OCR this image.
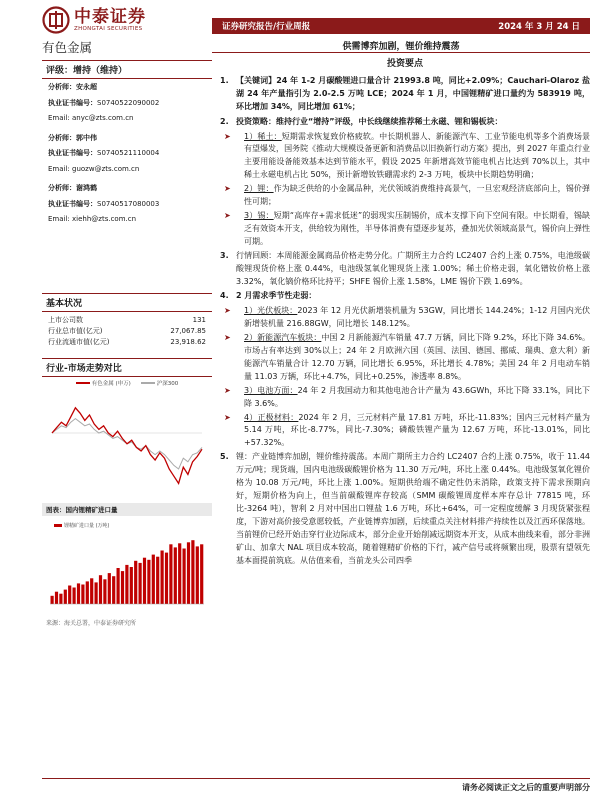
中泰证券
ZHONGTAI SECURITIES
有色金属
证券研究报告/行业周报	2024 年 3 月 24 日
供需博弈加剧，锂价维持震荡
评级：增持（维持）
分析师：安永超
执业证书编号：S0740522090002
Email: anyc@zts.com.cn
分析师：郭中伟
执业证书编号：S0740521110004
Email: guozw@zts.com.cn
分析师：谢鸿鹤
执业证书编号：S0740517080003
Email: xiehh@zts.com.cn
基本状况
上市公司数	131
行业总市值(亿元)	27,067.85
行业流通市值(亿元)	23,918.62
行业-市场走势对比
有色金属 (申万)	沪深300
图表：国内锂精矿进口量
锂精矿进口量 (万吨)
来源：海关总署，中泰证券研究所
投资要点
1. 【关键词】24 年 1-2 月碳酸锂进口量合计 21993.8 吨，同比+2.09%；Cauchari-Olaroz 盐湖 24 年产量指引为 2.0-2.5 万吨 LCE；2024 年 1 月，中国锂精矿进口量约为 583919 吨，环比增加 34%，同比增加 61%；
2. 投资策略：维持行业“增持”评级，中长线继续推荐稀土永磁、锂和锡板块：
➤ 1）稀土：短期需求恢复致价格疲软。中长期机器人、新能源汽车、工业节能电机等多个消费场景有望爆发，国务院《推动大规模设备更新和消费品以旧换新行动方案》提出，到 2027 年重点行业主要用能设备能效基本达到节能水平，假设 2025 年新增高效节能电机占比达到 70%以上，其中稀土永磁电机占比 50%，预计新增钕铁硼需求约 2-3 万吨，板块中长期趋势明确；
➤ 2）锂：作为缺乏供给的小金属品种，光伏领域消费维持高景气，一旦宏观经济底部向上，锡价弹性可期；
➤ 3）锡：短期“高库存+需求低迷”的弱现实压制锡价，成本支撑下向下空间有限。中长期看，锡缺乏有效资本开支，供给较为刚性，半导体消费有望逐步复苏，叠加光伏领域高景气，锡价向上弹性可期。
3. 行情回顾：本周能源金属商品价格走势分化。广期所主力合约 LC2407 合约上涨 0.75%，电池级碳酸锂现货价格上涨 0.44%，电池级氢氧化锂现货上涨 1.00%；稀土价格走弱，氧化镨钕价格上涨 3.32%，氧化镝价格环比持平；SHFE 锡价上涨 1.58%，LME 锡价下跌 1.69%。
4. 2 月需求季节性走弱：
➤ 1）光伏板块：2023 年 12 月光伏新增装机量为 53GW，同比增长 144.24%；1-12 月国内光伏新增装机量 216.88GW，同比增长 148.12%。
➤ 2）新能源汽车板块：中国 2 月新能源汽车销量 47.7 万辆，同比下降 9.2%，环比下降 34.6%。市场占有率达到 30%以上；24 年 2 月欧洲六国（英国、法国、德国、挪威、瑞典、意大利）新能源汽车销量合计 12.70 万辆，同比增长 6.95%，环比增长 4.78%；美国 24 年 2 月电动车销量 11.03 万辆，环比+4.7%，同比+0.25%，渗透率 8.8%。
➤ 3）电池方面：24 年 2 月我国动力和其他电池合计产量为 43.6GWh，环比下降 33.1%，同比下降 3.6%。
➤ 4）正极材料：2024 年 2 月，三元材料产量 17.81 万吨，环比-11.83%；国内三元材料产量为 5.14 万吨，环比-8.77%，同比-7.30%；磷酸铁锂产量为 12.67 万吨，环比-13.01%，同比+57.32%。
5. 锂：产业链博弈加剧，锂价维持震荡。本周广期所主力合约 LC2407 合约上涨 0.75%，收于 11.44 万元/吨；现货端，国内电池级碳酸锂价格为 11.30 万元/吨，环比上涨 0.44%。电池级氢氧化锂价格为 10.08 万元/吨，环比上涨 1.00%。短期供给端不确定性仍未消除，政策支持下需求预期向好，短期价格为向上，但当前碳酸锂库存较高（SMM 碳酸锂周度样本库存总计 77815 吨，环比-3264 吨），智利 2 月对中国出口锂盐 1.6 万吨，环比+64%，可一定程度缓解 3 月现货紧张程度，下游对高价接受意愿较低，产业链博弈加剧，后续重点关注材料排产持续性以及江西环保落地。当前锂价已经开始击穿行业边际成本，部分企业开始削减远期资本开支，从成本曲线来看，部分非洲矿山、加拿大 NAL 项目成本较高，随着锂精矿价格的下行，减产信号或将频繁出现，股票有望领先基本面提前筑底。从估值来看，当前龙头公司四季
请务必阅读正文之后的重要声明部分
